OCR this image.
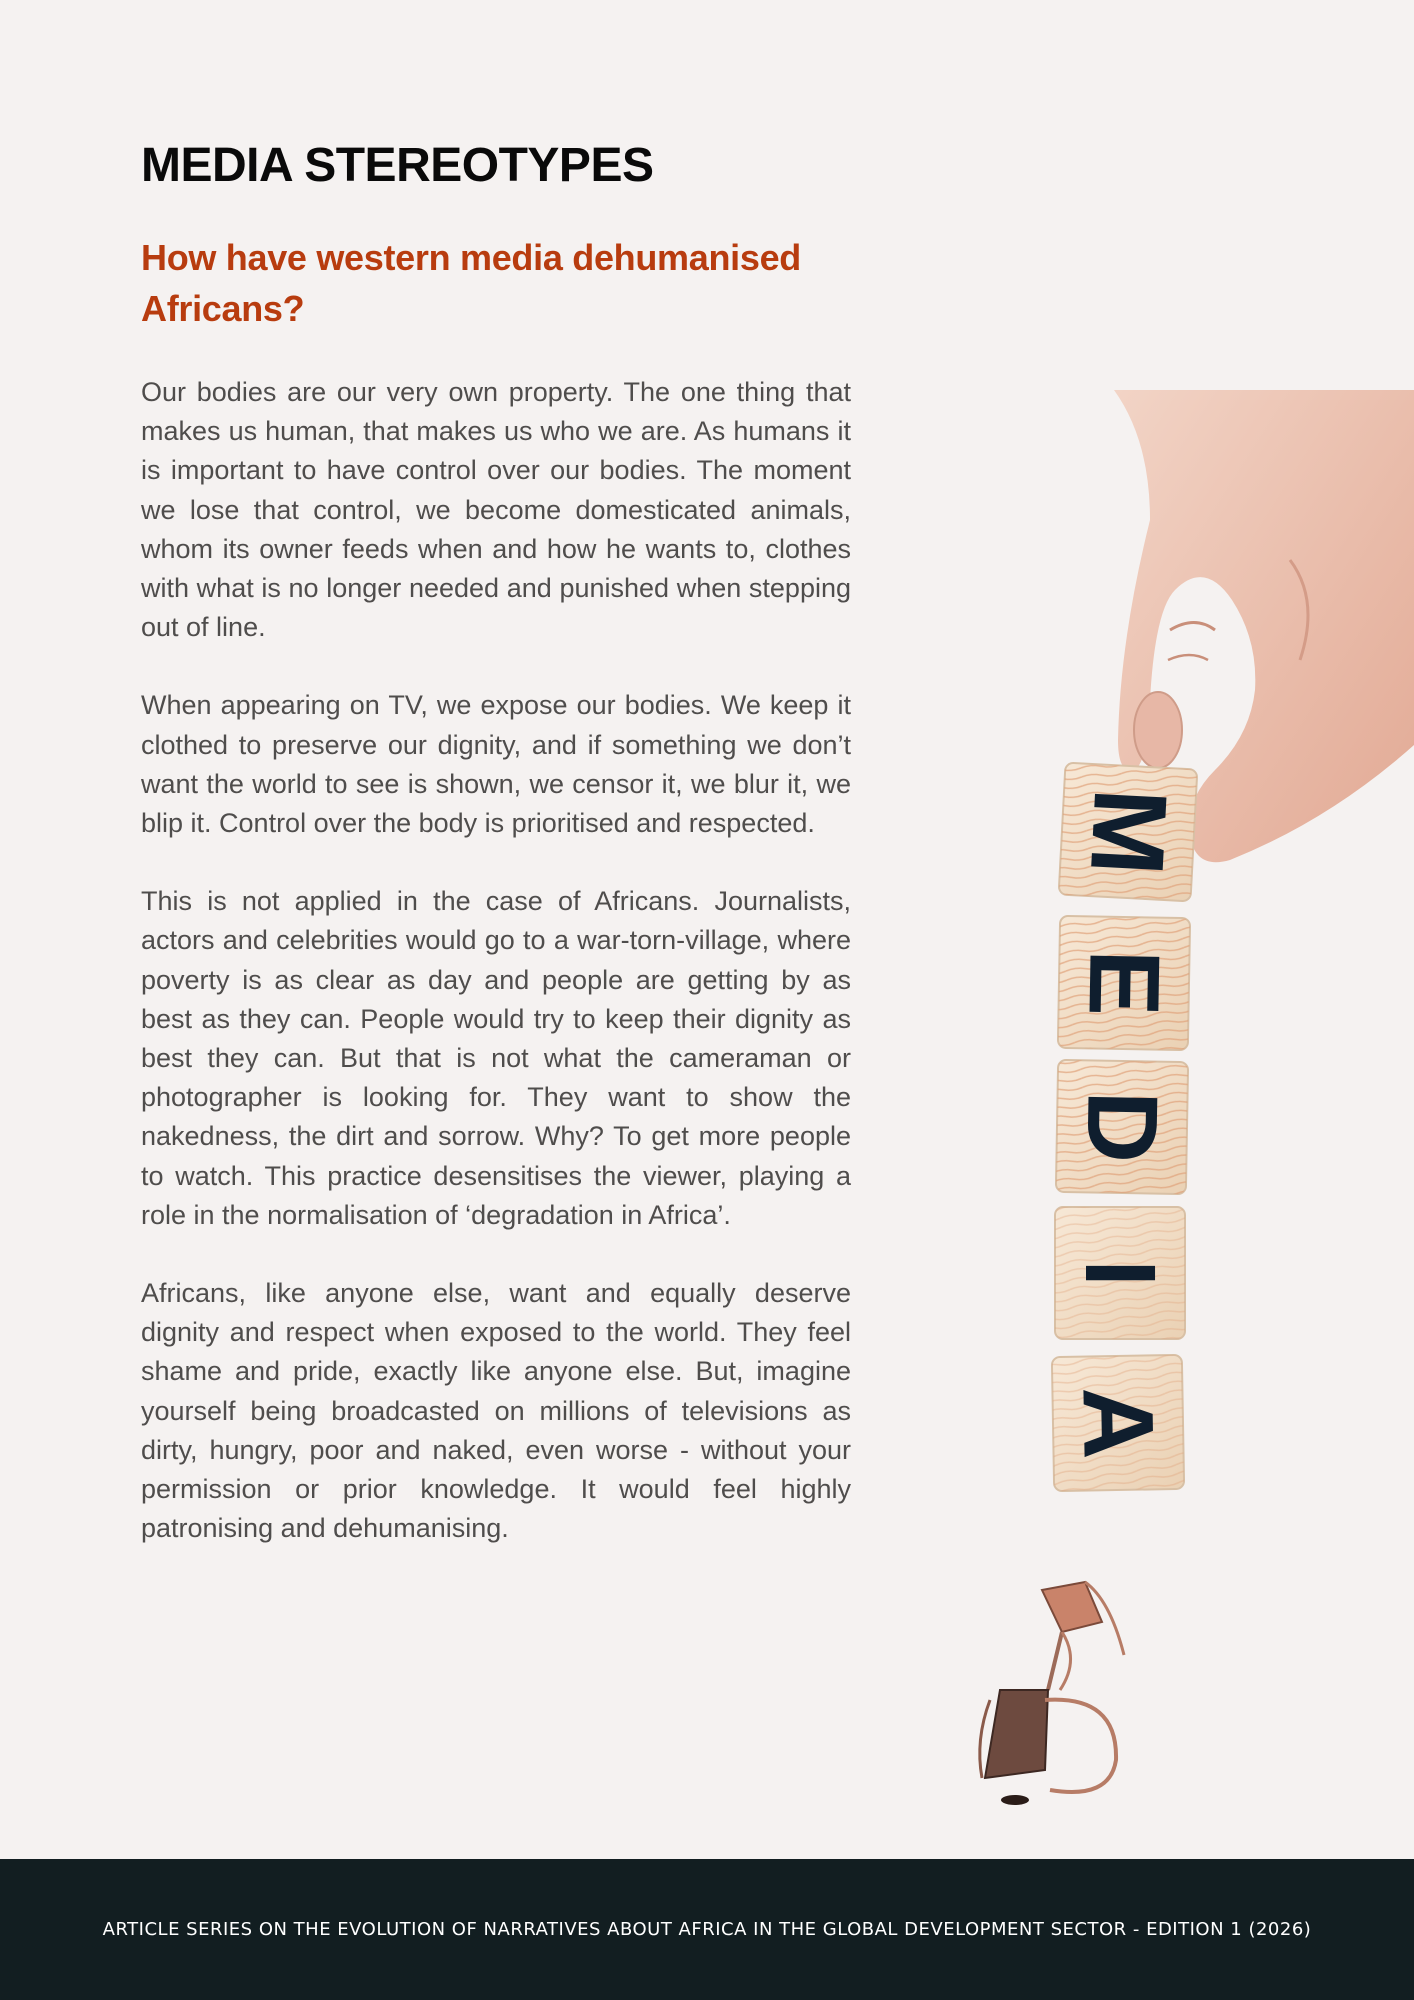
MEDIA STEREOTYPES
How have western media dehumanised Africans?

Our bodies are our very own property. The one thing that makes us human, that makes us who we are. As humans it is important to have control over our bodies. The moment we lose that control, we become domesticated animals, whom its owner feeds when and how he wants to, clothes with what is no longer needed and punished when stepping out of line.

When appearing on TV, we expose our bodies. We keep it clothed to preserve our dignity, and if something we don’t want the world to see is shown, we censor it, we blur it, we blip it. Control over the body is prioritised and respected.

This is not applied in the case of Africans. Journalists, actors and celebrities would go to a war-torn-village, where poverty is as clear as day and people are getting by as best as they can. People would try to keep their dignity as best they can. But that is not what the cameraman or photographer is looking for. They want to show the nakedness, the dirt and sorrow. Why? To get more people to watch. This practice desensitises the viewer, playing a role in the normalisation of ‘degradation in Africa’.

Africans, like anyone else, want and equally deserve dignity and respect when exposed to the world. They feel shame and pride, exactly like anyone else. But, imagine yourself being broadcasted on millions of televisions as dirty, hungry, poor and naked, even worse - without your permission or prior knowledge. It would feel highly patronising and dehumanising.

M
E
D
I
A
ARTICLE SERIES ON THE EVOLUTION OF NARRATIVES ABOUT AFRICA IN THE GLOBAL DEVELOPMENT SECTOR - EDITION 1 (2026)
